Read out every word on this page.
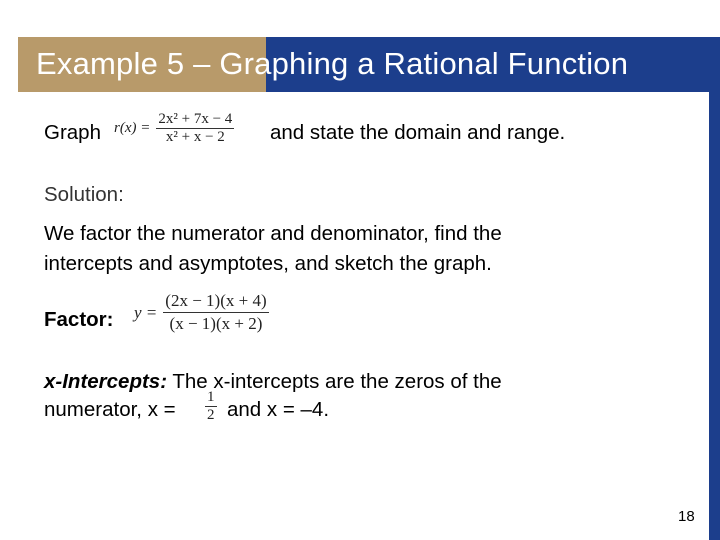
Example 5 – Graphing a Rational Function
Graph $r(x) = \frac{\text{2x² + 7x − 4}}{\text{x² + x − 2}}$ and state the domain and range.
Solution:
We factor the numerator and denominator, find the
intercepts and asymptotes, and sketch the graph.
Factor: $y = \frac{(2x - 1)(x + 4)}{(x - 1)(x + 2)}$
x-Intercepts: The x-intercepts are the zeros of the
numerator, $x = \frac{1}{2}$ and x = –4.
18
